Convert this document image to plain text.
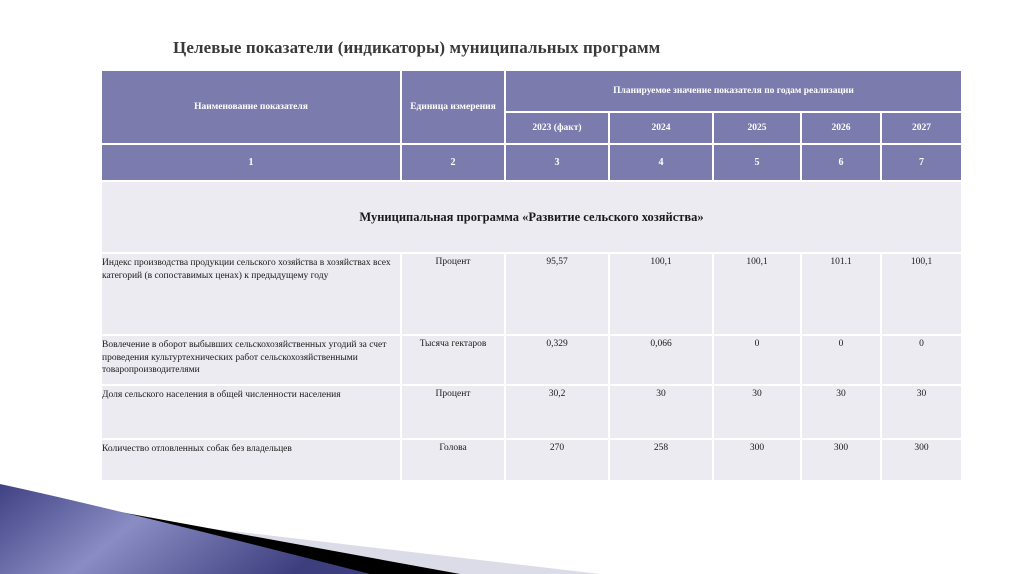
Целевые показатели (индикаторы) муниципальных программ
Наименование показателя	Единица измерения	Планируемое значение показателя по годам реализации				
		2023 (факт)	2024	2025	2026	2027
1	2	3	4	5	6	7
Муниципальная программа «Развитие сельского хозяйства»						
Индекс производства продукции сельского хозяйства в хозяйствах всех категорий (в сопоставимых ценах) к предыдущему году	Процент	95,57	100,1	100,1	101.1	100,1
Вовлечение в оборот выбывших сельскохозяйственных угодий за счет проведения культуртехнических работ сельскохозяйственными товаропроизводителями	Тысяча гектаров	0,329	0,066	0	0	0
Доля сельского населения в общей численности населения	Процент	30,2	30	30	30	30
Количество отловленных собак без владельцев	Голова	270	258	300	300	300
